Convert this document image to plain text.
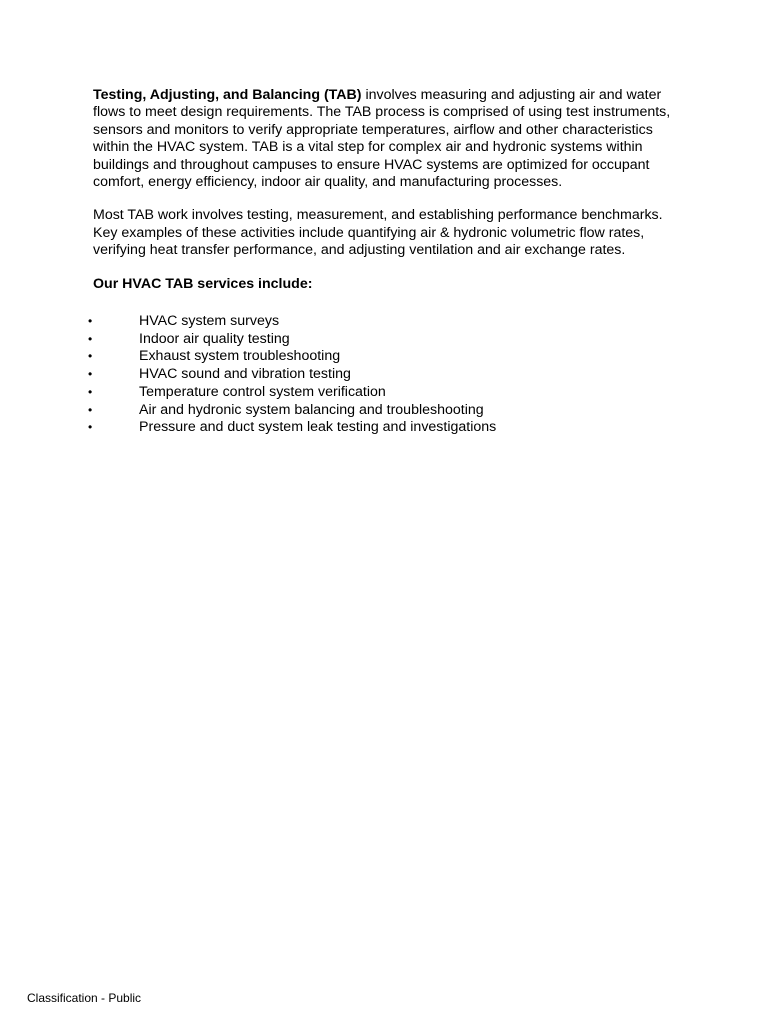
Testing, Adjusting, and Balancing (TAB) involves measuring and adjusting air and water flows to meet design requirements. The TAB process is comprised of using test instruments, sensors and monitors to verify appropriate temperatures, airflow and other characteristics within the HVAC system. TAB is a vital step for complex air and hydronic systems within buildings and throughout campuses to ensure HVAC systems are optimized for occupant comfort, energy efficiency, indoor air quality, and manufacturing processes.

Most TAB work involves testing, measurement, and establishing performance benchmarks. Key examples of these activities include quantifying air & hydronic volumetric flow rates, verifying heat transfer performance, and adjusting ventilation and air exchange rates.

Our HVAC TAB services include:

•	HVAC system surveys
•	Indoor air quality testing
•	Exhaust system troubleshooting
•	HVAC sound and vibration testing
•	Temperature control system verification
•	Air and hydronic system balancing and troubleshooting
•	Pressure and duct system leak testing and investigations
Classification - Public
